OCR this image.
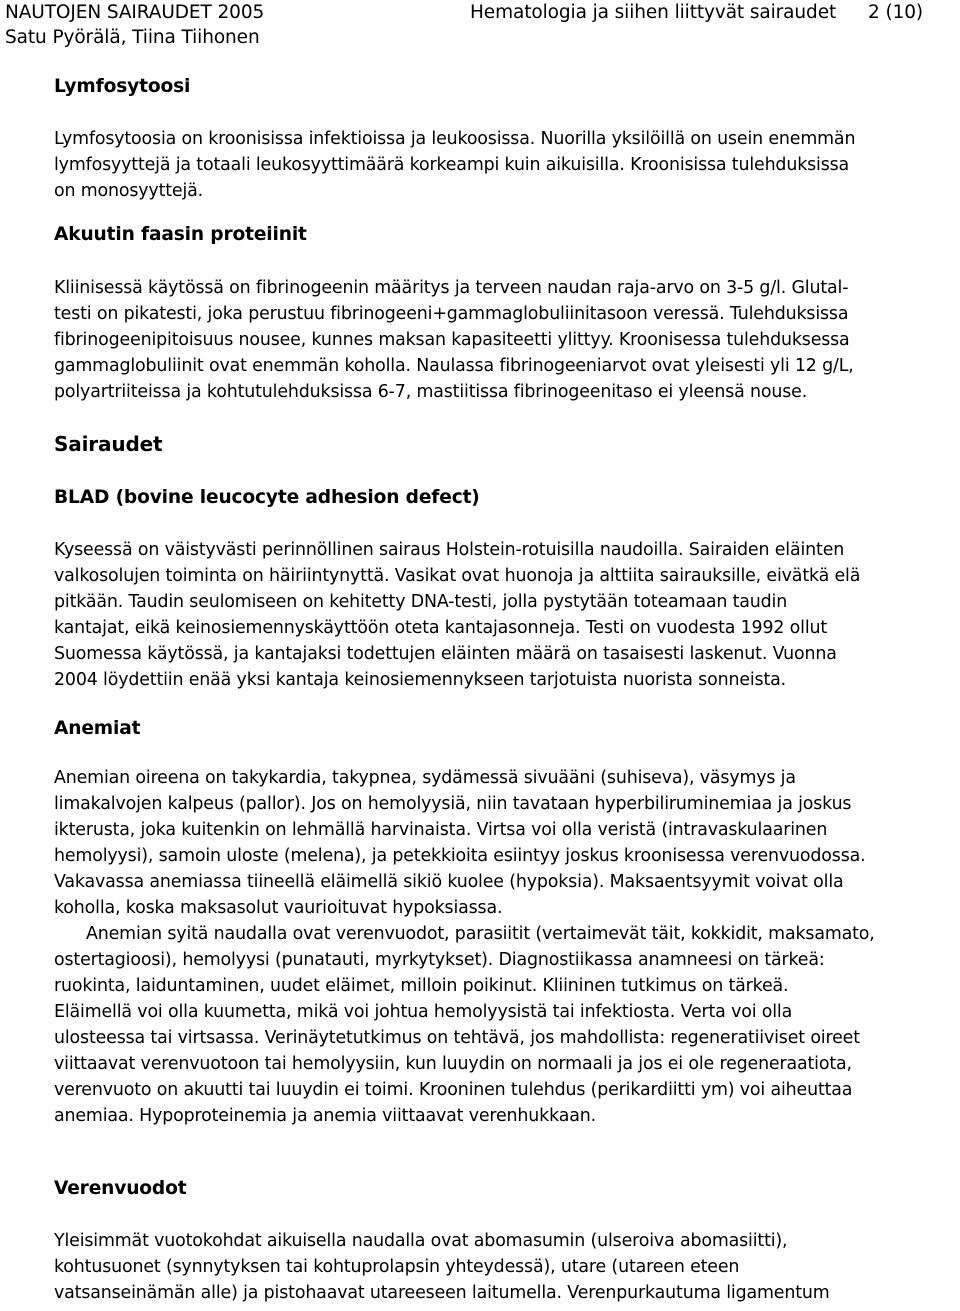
NAUTOJEN SAIRAUDET 2005
Satu Pyörälä, Tiina Tiihonen
Hematologia ja siihen liittyvät sairaudet 2 (10)
Lymfosytoosi

Lymfosytoosia on kroonisissa infektioissa ja leukoosissa. Nuorilla yksilöillä on usein enemmän
lymfosyyttejä ja totaali leukosyyttimäärä korkeampi kuin aikuisilla. Kroonisissa tulehduksissa
on monosyyttejä.

Akuutin faasin proteiinit

Kliinisessä käytössä on fibrinogeenin määritys ja terveen naudan raja-arvo on 3-5 g/l. Glutal-
testi on pikatesti, joka perustuu fibrinogeeni+gammaglobuliinitasoon veressä. Tulehduksissa
fibrinogeenipitoisuus nousee, kunnes maksan kapasiteetti ylittyy. Kroonisessa tulehduksessa
gammaglobuliinit ovat enemmän koholla. Naulassa fibrinogeeniarvot ovat yleisesti yli 12 g/L,
polyartriiteissa ja kohtutulehduksissa 6-7, mastiitissa fibrinogeenitaso ei yleensä nouse.

Sairaudet
BLAD (bovine leucocyte adhesion defect)

Kyseessä on väistyvästi perinnöllinen sairaus Holstein-rotuisilla naudoilla. Sairaiden eläinten
valkosolujen toiminta on häiriintynyttä. Vasikat ovat huonoja ja alttiita sairauksille, eivätkä elä
pitkään. Taudin seulomiseen on kehitetty DNA-testi, jolla pystytään toteamaan taudin
kantajat, eikä keinosiemennyskäyttöön oteta kantajasonneja. Testi on vuodesta 1992 ollut
Suomessa käytössä, ja kantajaksi todettujen eläinten määrä on tasaisesti laskenut. Vuonna
2004 löydettiin enää yksi kantaja keinosiemennykseen tarjotuista nuorista sonneista.

Anemiat

Anemian oireena on takykardia, takypnea, sydämessä sivuääni (suhiseva), väsymys ja
limakalvojen kalpeus (pallor). Jos on hemolyysiä, niin tavataan hyperbiliruminemiaa ja joskus
ikterusta, joka kuitenkin on lehmällä harvinaista. Virtsa voi olla veristä (intravaskulaarinen
hemolyysi), samoin uloste (melena), ja petekkioita esiintyy joskus kroonisessa verenvuodossa.
Vakavassa anemiassa tiineellä eläimellä sikiö kuolee (hypoksia). Maksaentsyymit voivat olla
koholla, koska maksasolut vaurioituvat hypoksiassa.

Anemian syitä naudalla ovat verenvuodot, parasiitit (vertaimevät täit, kokkidit, maksamato,
ostertagioosi), hemolyysi (punatauti, myrkytykset). Diagnostiikassa anamneesi on tärkeä:
ruokinta, laiduntaminen, uudet eläimet, milloin poikinut. Kliininen tutkimus on tärkeä.
Eläimellä voi olla kuumetta, mikä voi johtua hemolyysistä tai infektiosta. Verta voi olla
ulosteessa tai virtsassa. Verinäytetutkimus on tehtävä, jos mahdollista: regeneratiiviset oireet
viittaavat verenvuotoon tai hemolyysiin, kun luuydin on normaali ja jos ei ole regeneraatiota,
verenvuoto on akuutti tai luuydin ei toimi. Krooninen tulehdus (perikardiitti ym) voi aiheuttaa
anemiaa. Hypoproteinemia ja anemia viittaavat verenhukkaan.

Verenvuodot

Yleisimmät vuotokohdat aikuisella naudalla ovat abomasumin (ulseroiva abomasiitti),
kohtusuonet (synnytyksen tai kohtuprolapsin yhteydessä), utare (utareen eteen
vatsanseinämän alle) ja pistohaavat utareeseen laitumella. Verenpurkautuma ligamentum
